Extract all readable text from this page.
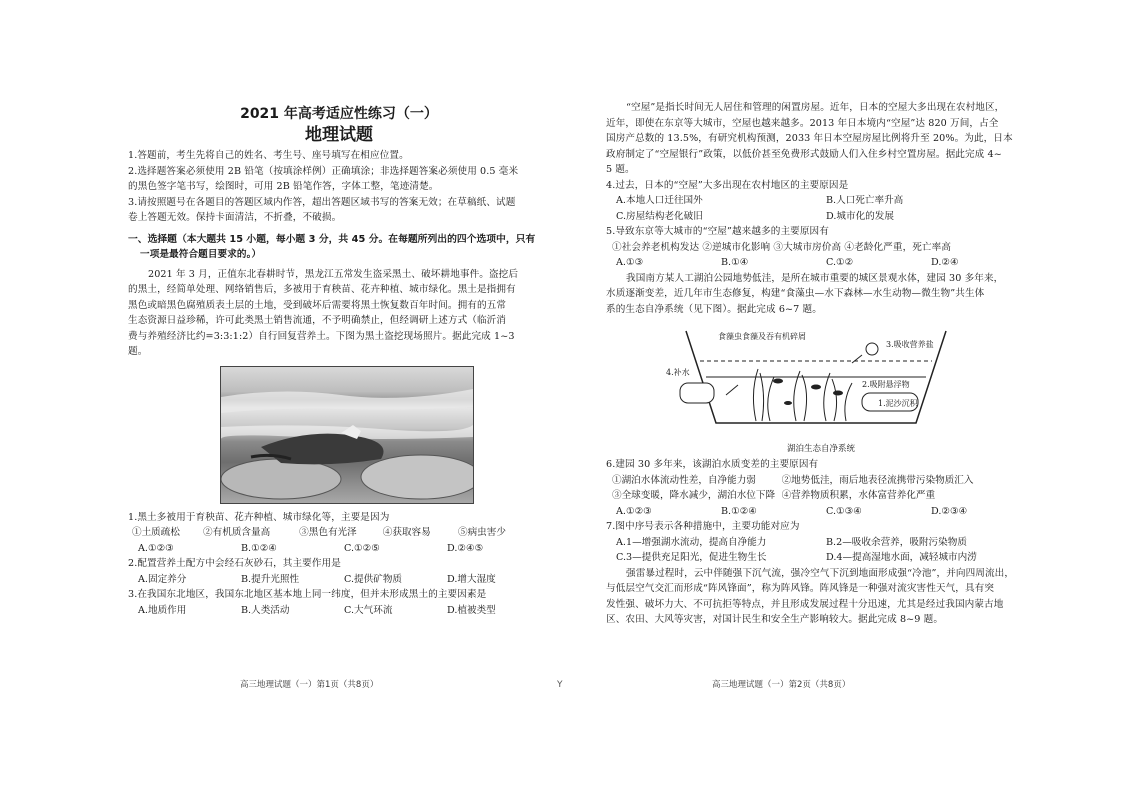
2021 年高考适应性练习（一）

地理试题

1.答题前，考生先将自己的姓名、考生号、座号填写在相应位置。

2.选择题答案必须使用 2B 铅笔（按填涂样例）正确填涂；非选择题答案必须使用 0.5 毫米

的黑色签字笔书写，绘图时，可用 2B 铅笔作答，字体工整，笔迹清楚。

3.请按照题号在各题目的答题区域内作答，超出答题区域书写的答案无效；在草稿纸、试题

卷上答题无效。保持卡面清洁，不折叠，不破损。

一、选择题（本大题共 15 小题，每小题 3 分，共 45 分。在每题所列出的四个选项中，只有

一项是最符合题目要求的。）

2021 年 3 月，正值东北春耕时节，黑龙江五常发生盗采黑土、破坏耕地事件。盗挖后

的黑土，经简单处理、网络销售后，多被用于育秧苗、花卉种植、城市绿化。黑土是指拥有

黑色或暗黑色腐殖质表土层的土地，受到破坏后需要将黑土恢复数百年时间。拥有的五常

生态资源日益珍稀，许可此类黑土销售流通，不予明确禁止，但经调研上述方式（临沂消

费与养殖经济比约=3:3:1:2）自行回复营养土。下图为黑土盗挖现场照片。据此完成 1~3

题。

1.黑土多被用于育秧苗、花卉种植、城市绿化等，主要是因为

①土质疏松	②有机质含量高	③黑色有光泽	④获取容易	⑤病虫害少
A.①②③	B.①②④	C.①②⑤	D.②④⑤

2.配置营养土配方中会经石灰砂石，其主要作用是

A.固定养分	B.提升光照性	C.提供矿物质	D.增大湿度

3.在我国东北地区，我国东北地区基本地上同一纬度，但并未形成黑土的主要因素是

A.地质作用	B.人类活动	C.大气环流	D.植被类型
高三地理试题（一）第1页（共8页）	Y

“空屋”是指长时间无人居住和管理的闲置房屋。近年，日本的空屋大多出现在农村地区，

近年，即使在东京等大城市，空屋也越来越多。2013 年日本境内“空屋”达 820 万间，占全

国房产总数的 13.5%，有研究机构预测，2033 年日本空屋房屋比例将升至 20%。为此，日本

政府制定了“空屋银行”政策，以低价甚至免费形式鼓励人们入住乡村空置房屋。据此完成 4~

5 题。

4.过去，日本的“空屋”大多出现在农村地区的主要原因是

A.本地人口迁往国外	B.人口死亡率升高
C.房屋结构老化破旧	D.城市化的发展

5.导致东京等大城市的“空屋”越来越多的主要原因有

①社会养老机构发达 ②逆城市化影响 ③大城市房价高 ④老龄化严重，死亡率高

A.①③	B.①④	C.①②	D.②④

我国南方某人工湖泊公园地势低洼，是所在城市重要的城区景观水体，建园 30 多年来，

水质逐渐变差，近几年市生态修复，构建“食藻虫—水下森林—水生动物—微生物”共生体

系的生态自净系统（见下图）。据此完成 6~7 题。

食藻虫食藻及吞有机碎屑
3.吸收营养盐
4.补水
2.吸附悬浮物
1.泥沙沉积

湖泊生态自净系统

6.建园 30 多年来，该湖泊水质变差的主要原因有

①湖泊水体流动性差，自净能力弱	②地势低洼，雨后地表径流携带污染物质汇入
③全球变暖，降水减少，湖泊水位下降 ④营养物质积累，水体富营养化严重
A.①②③	B.①②④	C.①③④	D.②③④

7.图中序号表示各种措施中，主要功能对应为

A.1—增强湖水流动，提高自净能力	B.2—吸收余营养，吸附污染物质
C.3—提供充足阳光，促进生物生长	D.4—提高湿地水面，减轻城市内涝

强雷暴过程时，云中伴随强下沉气流，强冷空气下沉到地面形成强“冷池”，并向四周流出，

与低层空气交汇而形成“阵风锋面”，称为阵风锋。阵风锋是一种强对流灾害性天气，具有突

发性强、破坏力大、不可抗拒等特点，并且形成发展过程十分迅速，尤其是经过我国内蒙古地

区、农田、大风等灾害，对国计民生和安全生产影响较大。据此完成 8~9 题。

高三地理试题（一）第2页（共8页）
